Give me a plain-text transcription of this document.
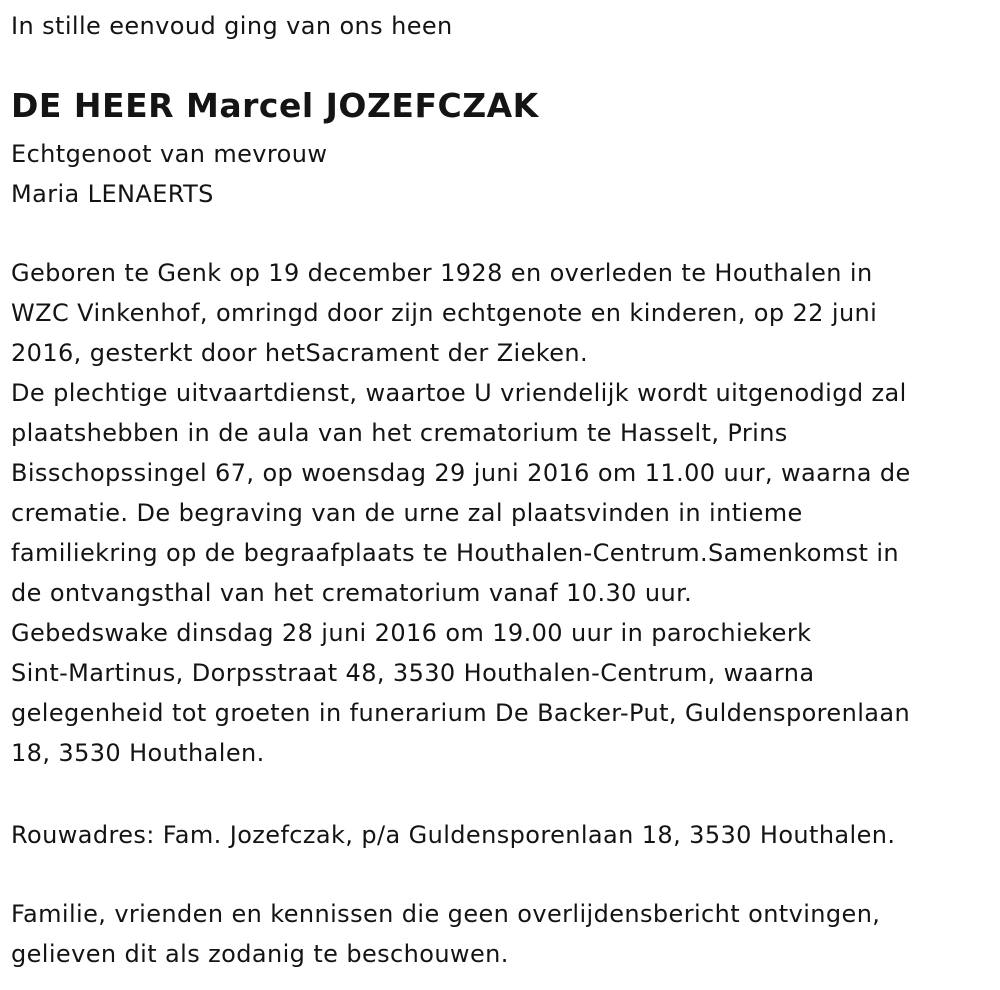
In stille eenvoud ging van ons heen
DE HEER Marcel JOZEFCZAK
Echtgenoot van mevrouw
Maria LENAERTS
Geboren te Genk op 19 december 1928 en overleden te Houthalen in
WZC Vinkenhof, omringd door zijn echtgenote en kinderen, op 22 juni
2016, gesterkt door hetSacrament der Zieken.
De plechtige uitvaartdienst, waartoe U vriendelijk wordt uitgenodigd zal
plaatshebben in de aula van het crematorium te Hasselt, Prins
Bisschopssingel 67, op woensdag 29 juni 2016 om 11.00 uur, waarna de
crematie. De begraving van de urne zal plaatsvinden in intieme
familiekring op de begraafplaats te Houthalen-Centrum.Samenkomst in
de ontvangsthal van het crematorium vanaf 10.30 uur.
Gebedswake dinsdag 28 juni 2016 om 19.00 uur in parochiekerk
Sint-Martinus, Dorpsstraat 48, 3530 Houthalen-Centrum, waarna
gelegenheid tot groeten in funerarium De Backer-Put, Guldensporenlaan
18, 3530 Houthalen.
Rouwadres: Fam. Jozefczak, p/a Guldensporenlaan 18, 3530 Houthalen.
Familie, vrienden en kennissen die geen overlijdensbericht ontvingen,
gelieven dit als zodanig te beschouwen.
